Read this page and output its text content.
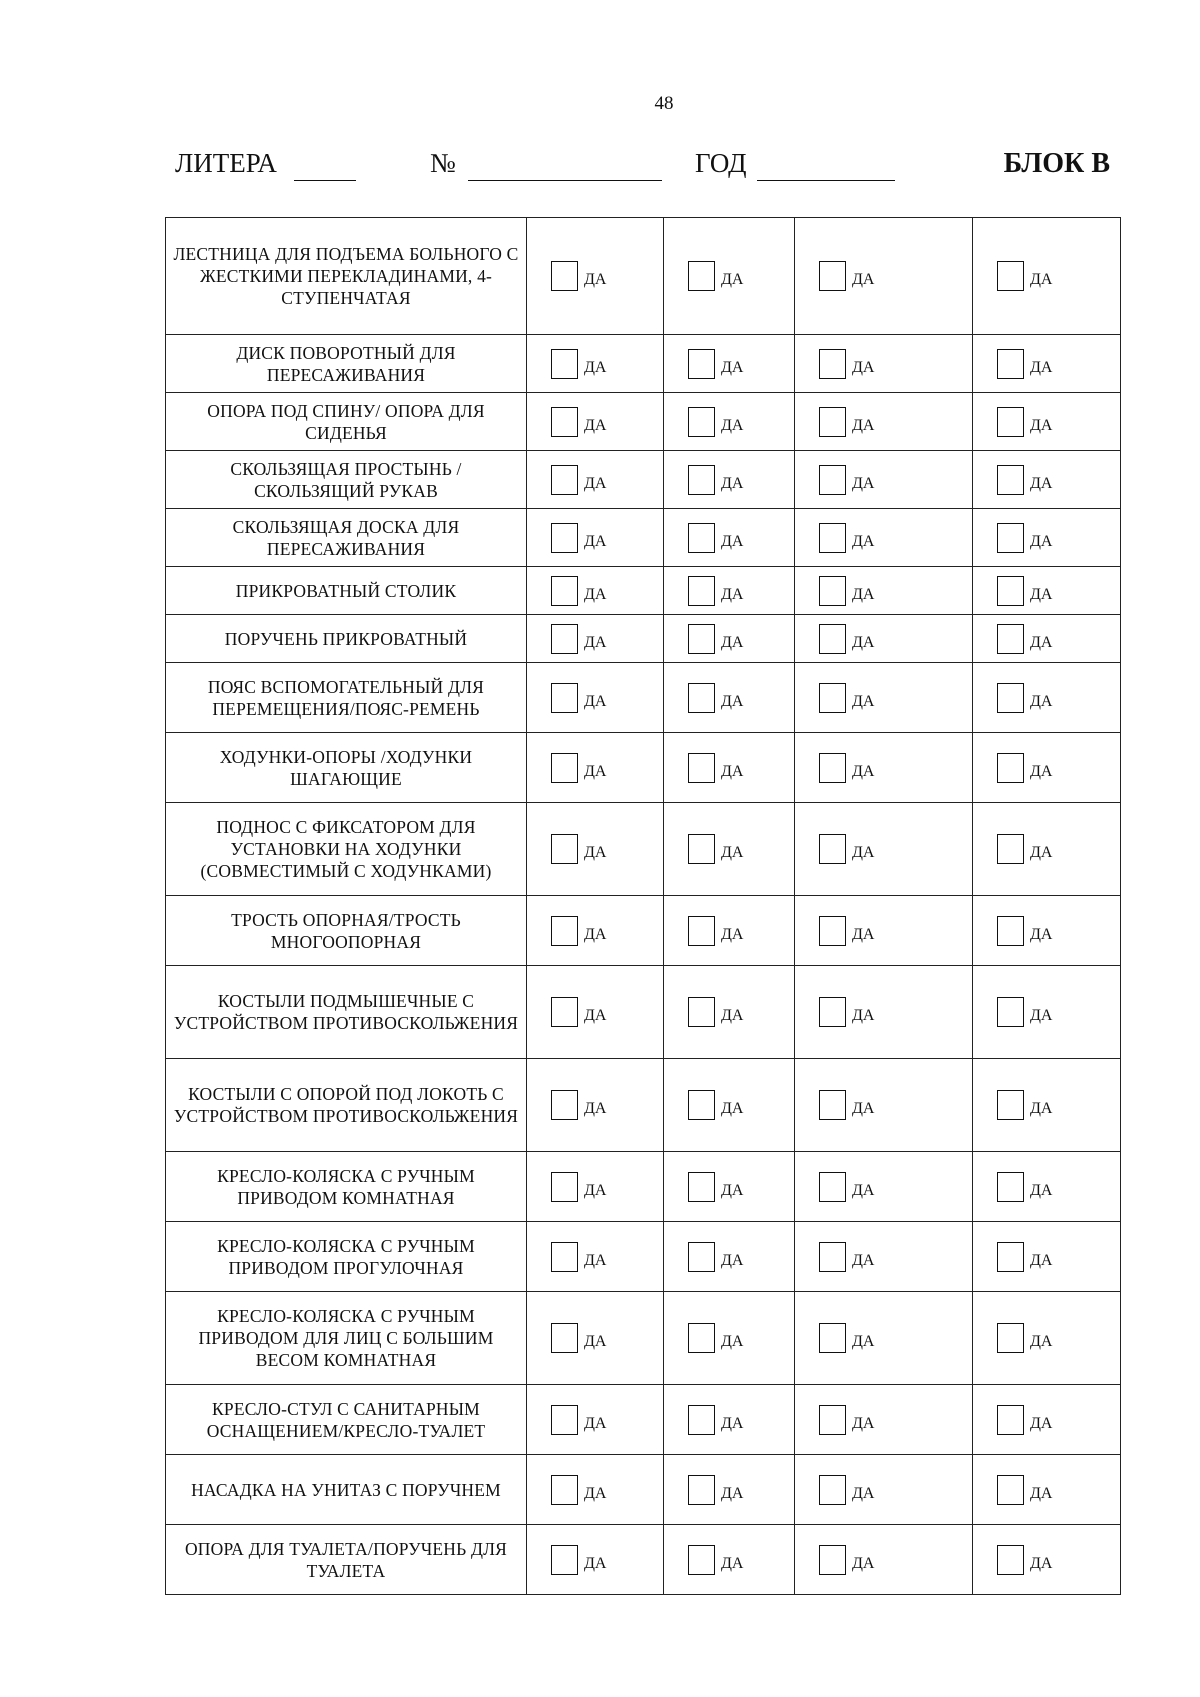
48
ЛИТЕРА	№	ГОД	БЛОК В
ЛЕСТНИЦА ДЛЯ ПОДЪЕМА БОЛЬНОГО С ЖЕСТКИМИ ПЕРЕКЛАДИНАМИ, 4-СТУПЕНЧАТАЯ	ДА	ДА	ДА	ДА

ДИСК ПОВОРОТНЫЙ ДЛЯ ПЕРЕСАЖИВАНИЯ	ДА	ДА	ДА	ДА

ОПОРА ПОД СПИНУ/ ОПОРА ДЛЯ СИДЕНЬЯ	ДА	ДА	ДА	ДА

СКОЛЬЗЯЩАЯ ПРОСТЫНЬ /СКОЛЬЗЯЩИЙ РУКАВ	ДА	ДА	ДА	ДА

СКОЛЬЗЯЩАЯ ДОСКА ДЛЯ ПЕРЕСАЖИВАНИЯ	ДА	ДА	ДА	ДА

ПРИКРОВАТНЫЙ СТОЛИК	ДА	ДА	ДА	ДА

ПОРУЧЕНЬ ПРИКРОВАТНЫЙ	ДА	ДА	ДА	ДА

ПОЯС ВСПОМОГАТЕЛЬНЫЙ ДЛЯ ПЕРЕМЕЩЕНИЯ/ПОЯС-РЕМЕНЬ	ДА	ДА	ДА	ДА

ХОДУНКИ-ОПОРЫ /ХОДУНКИ ШАГАЮЩИЕ	ДА	ДА	ДА	ДА

ПОДНОС С ФИКСАТОРОМ ДЛЯ УСТАНОВКИ НА ХОДУНКИ (СОВМЕСТИМЫЙ С ХОДУНКАМИ)	ДА	ДА	ДА	ДА

ТРОСТЬ ОПОРНАЯ/ТРОСТЬ МНОГООПОРНАЯ	ДА	ДА	ДА	ДА

КОСТЫЛИ ПОДМЫШЕЧНЫЕ С УСТРОЙСТВОМ ПРОТИВОСКОЛЬЖЕНИЯ	ДА	ДА	ДА	ДА

КОСТЫЛИ С ОПОРОЙ ПОД ЛОКОТЬ С УСТРОЙСТВОМ ПРОТИВОСКОЛЬЖЕНИЯ	ДА	ДА	ДА	ДА

КРЕСЛО-КОЛЯСКА С РУЧНЫМ ПРИВОДОМ КОМНАТНАЯ	ДА	ДА	ДА	ДА

КРЕСЛО-КОЛЯСКА С РУЧНЫМ ПРИВОДОМ ПРОГУЛОЧНАЯ	ДА	ДА	ДА	ДА

КРЕСЛО-КОЛЯСКА С РУЧНЫМ ПРИВОДОМ ДЛЯ ЛИЦ С БОЛЬШИМ ВЕСОМ КОМНАТНАЯ	ДА	ДА	ДА	ДА

КРЕСЛО-СТУЛ С САНИТАРНЫМ ОСНАЩЕНИЕМ/КРЕСЛО-ТУАЛЕТ	ДА	ДА	ДА	ДА

НАСАДКА НА УНИТАЗ С ПОРУЧНЕМ	ДА	ДА	ДА	ДА

ОПОРА ДЛЯ ТУАЛЕТА/ПОРУЧЕНЬ ДЛЯ ТУАЛЕТА	ДА	ДА	ДА	ДА
